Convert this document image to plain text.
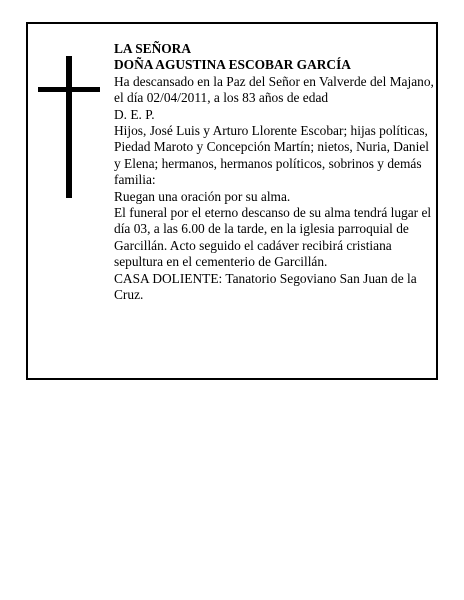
LA SEÑORA

DOÑA AGUSTINA ESCOBAR GARCÍA

Ha descansado en la Paz del Señor en Valverde del Majano, el día 02/04/2011, a los 83 años de edad

D. E. P.

Hijos, José Luis y Arturo Llorente Escobar; hijas políticas, Piedad Maroto y Concepción Martín; nietos, Nuria, Daniel y Elena; hermanos, hermanos políticos, sobrinos y demás familia:

Ruegan una oración por su alma.

El funeral por el eterno descanso de su alma tendrá lugar el día 03, a las 6.00 de la tarde, en la iglesia parroquial de Garcillán. Acto seguido el cadáver recibirá cristiana sepultura en el cementerio de Garcillán.

CASA DOLIENTE: Tanatorio Segoviano San Juan de la Cruz.
